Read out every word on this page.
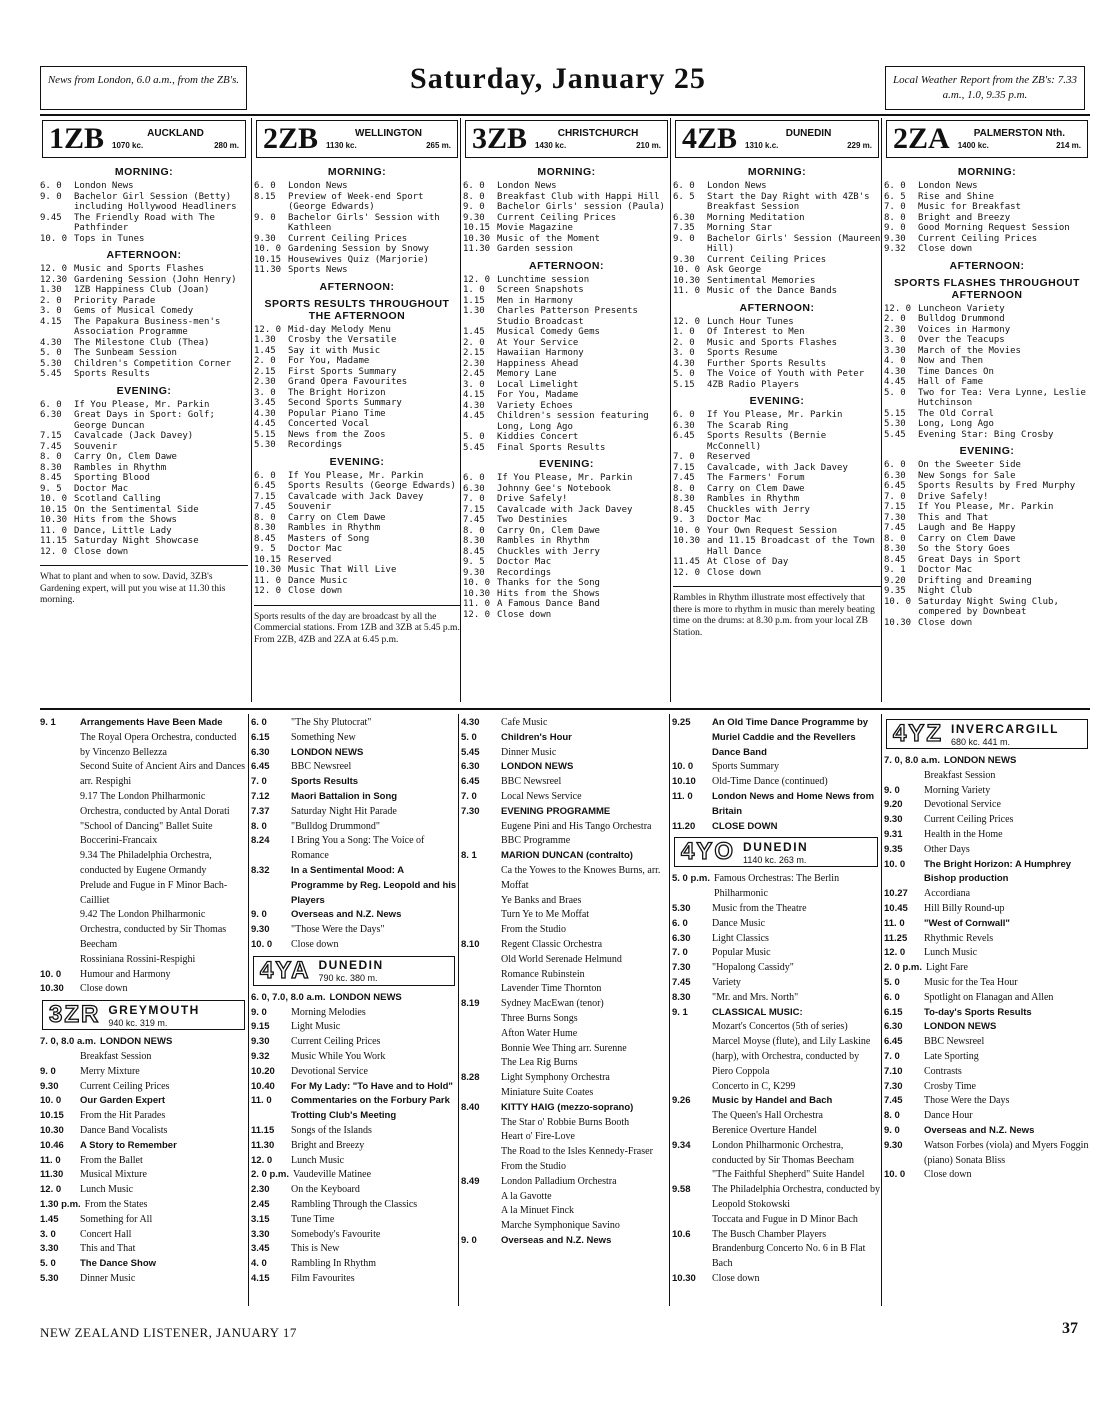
News from London, 6.0 a.m., from the ZB's.	Saturday, January 25	Local Weather Report from the ZB's: 7.33 a.m., 1.0, 9.35 p.m.
1ZB	AUCKLAND
1070 kc.	280 m.
MORNING:
6. 0	London News
9. 0	Bachelor Girl Session (Betty) including Hollywood Headliners
9.45	The Friendly Road with The Pathfinder
10. 0 Tops in Tunes
AFTERNOON:
12. 0 Music and Sports Flashes
12.30 Gardening Session (John Henry)
1.30	1ZB Happiness Club (Joan)
2. 0	Priority Parade
3. 0	Gems of Musical Comedy
4.15	The Papakura Business-men's Association Programme
4.30	The Milestone Club (Thea)
5. 0	The Sunbeam Session
5.30	Children's Competition Corner
5.45	Sports Results
EVENING:
6. 0	If You Please, Mr. Parkin
6.30	Great Days in Sport: Golf; George Duncan
7.15	Cavalcade (Jack Davey)
7.45	Souvenir
8. 0	Carry On, Clem Dawe
8.30	Rambles in Rhythm
8.45	Sporting Blood
9. 5	Doctor Mac
10. 0 Scotland Calling
10.15 On the Sentimental Side
10.30 Hits from the Shows
11. 0 Dance, Little Lady
11.15 Saturday Night Showcase
12. 0 Close down
What to plant and when to sow. David, 3ZB's Gardening expert, will put you wise at 11.30 this morning.
2ZB	WELLINGTON
1130 kc.	265 m.
MORNING:
6. 0	London News
8.15	Preview of Week-end Sport (George Edwards)
9. 0	Bachelor Girls' Session with Kathleen
9.30	Current Ceiling Prices
10. 0 Gardening Session by Snowy
10.15 Housewives Quiz (Marjorie)
11.30 Sports News
AFTERNOON:
SPORTS RESULTS THROUGHOUT THE AFTERNOON
12. 0 Mid-day Melody Menu
1.30	Crosby the Versatile
1.45	Say it with Music
2. 0	For You, Madame
2.15	First Sports Summary
2.30	Grand Opera Favourites
3. 0	The Bright Horizon
3.45	Second Sports Summary
4.30	Popular Piano Time
4.45	Concerted Vocal
5.15	News from the Zoos
5.30	Recordings
EVENING:
6. 0	If You Please, Mr. Parkin
6.45	Sports Results (George Edwards)
7.15	Cavalcade with Jack Davey
7.45	Souvenir
8. 0	Carry on Clem Dawe
8.30	Rambles in Rhythm
8.45	Masters of Song
9. 5	Doctor Mac
10.15 Reserved
10.30 Music That Will Live
11. 0 Dance Music
12. 0 Close down
Sports results of the day are broadcast by all the Commercial stations. From 1ZB and 3ZB at 5.45 p.m. From 2ZB, 4ZB and 2ZA at 6.45 p.m.
3ZB	CHRISTCHURCH
1430 kc.	210 m.
MORNING:
6. 0	London News
8. 0	Breakfast Club with Happi Hill
9. 0	Bachelor Girls' session (Paula)
9.30	Current Ceiling Prices
10.15 Movie Magazine
10.30 Music of the Moment
11.30 Garden session
AFTERNOON:
12. 0 Lunchtime session
1. 0	Screen Snapshots
1.15	Men in Harmony
1.30	Charles Patterson Presents Studio Broadcast
1.45	Musical Comedy Gems
2. 0	At Your Service
2.15	Hawaiian Harmony
2.30	Happiness Ahead
2.45	Memory Lane
3. 0	Local Limelight
4.15	For You, Madame
4.30	Variety Echoes
4.45	Children's session featuring Long, Long Ago
5. 0	Kiddies Concert
5.45	Final Sports Results
EVENING:
6. 0	If You Please, Mr. Parkin
6.30	Johnny Gee's Notebook
7. 0	Drive Safely!
7.15	Cavalcade with Jack Davey
7.45	Two Destinies
8. 0	Carry On, Clem Dawe
8.30	Rambles in Rhythm
8.45	Chuckles with Jerry
9. 5	Doctor Mac
9.30	Recordings
10. 0 Thanks for the Song
10.30 Hits from the Shows
11. 0 A Famous Dance Band
12. 0 Close down
4ZB	DUNEDIN
1310 k.c.	229 m.
MORNING:
6. 0	London News
6. 5	Start the Day Right with 4ZB's Breakfast Session
6.30	Morning Meditation
7.35	Morning Star
9. 0	Bachelor Girls' Session (Maureen Hill)
9.30	Current Ceiling Prices
10. 0 Ask George
10.30 Sentimental Memories
11. 0 Music of the Dance Bands
AFTERNOON:
12. 0 Lunch Hour Tunes
1. 0	Of Interest to Men
2. 0	Music and Sports Flashes
3. 0	Sports Resume
4.30	Further Sports Results
5. 0	The Voice of Youth with Peter
5.15	4ZB Radio Players
EVENING:
6. 0	If You Please, Mr. Parkin
6.30	The Scarab Ring
6.45	Sports Results (Bernie McConnell)
7. 0	Reserved
7.15	Cavalcade, with Jack Davey
7.45	The Farmers' Forum
8. 0	Carry on Clem Dawe
8.30	Rambles in Rhythm
8.45	Chuckles with Jerry
9. 3	Doctor Mac
10. 0 Your Own Request Session
10.30 and 11.15 Broadcast of the Town Hall Dance
11.45 At Close of Day
12. 0 Close down
Rambles in Rhythm illustrate most effectively that there is more to rhythm in music than merely beating time on the drums: at 8.30 p.m. from your local ZB Station.
2ZA	PALMERSTON Nth.
1400 kc.	214 m.
MORNING:
6. 0	London News
6. 5	Rise and Shine
7. 0	Music for Breakfast
8. 0	Bright and Breezy
9. 0	Good Morning Request Session
9.30	Current Ceiling Prices
9.32	Close down
AFTERNOON:
SPORTS FLASHES THROUGHOUT AFTERNOON
12. 0 Luncheon Variety
2. 0	Bulldog Drummond
2.30	Voices in Harmony
3. 0	Over the Teacups
3.30	March of the Movies
4. 0	Now and Then
4.30	Time Dances On
4.45	Hall of Fame
5. 0	Two for Tea: Vera Lynne, Leslie Hutchinson
5.15	The Old Corral
5.30	Long, Long Ago
5.45	Evening Star: Bing Crosby
EVENING:
6. 0	On the Sweeter Side
6.30	New Songs for Sale
6.45	Sports Results by Fred Murphy
7. 0	Drive Safely!
7.15	If You Please, Mr. Parkin
7.30	This and That
7.45	Laugh and Be Happy
8. 0	Carry on Clem Dawe
8.30	So the Story Goes
8.45	Great Days in Sport
9. 1	Doctor Mac
9.20	Drifting and Dreaming
9.35	Night Club
10. 0 Saturday Night Swing Club, compered by Downbeat
10.30 Close down
9. 1	Arrangements Have Been Made
The Royal Opera Orchestra, conducted by Vincenzo Bellezza
Second Suite of Ancient Airs and Dances arr. Respighi
9.17 The London Philharmonic Orchestra, conducted by Antal Dorati
"School of Dancing" Ballet Suite Boccerini-Francaix
9.34 The Philadelphia Orchestra, conducted by Eugene Ormandy
Prelude and Fugue in F Minor Bach-Cailliet
9.42 The London Philharmonic Orchestra, conducted by Sir Thomas Beecham
Rossiniana Rossini-Respighi
10. 0	Humour and Harmony
10.30	Close down
3ZR GREYMOUTH
940 kc. 319 m.
7. 0, 8.0 a.m. LONDON NEWS
Breakfast Session
9. 0	Merry Mixture
9.30	Current Ceiling Prices
10. 0	Our Garden Expert
10.15	From the Hit Parades
10.30	Dance Band Vocalists
10.46	A Story to Remember
11. 0	From the Ballet
11.30	Musical Mixture
12. 0	Lunch Music
1.30 p.m. From the States
1.45	Something for All
3. 0	Concert Hall
3.30	This and That
5. 0	The Dance Show
5.30	Dinner Music
6. 0	"The Shy Plutocrat"
6.15	Something New
6.30	LONDON NEWS
6.45	BBC Newsreel
7. 0	Sports Results
7.12	Maori Battalion in Song
7.37	Saturday Night Hit Parade
8. 0	"Bulldog Drummond"
8.24	I Bring You a Song: The Voice of Romance
8.32	In a Sentimental Mood: A Programme by Reg. Leopold and his Players
9. 0	Overseas and N.Z. News
9.30	"Those Were the Days"
10. 0	Close down
4YA DUNEDIN
790 kc. 380 m.
6. 0, 7.0, 8.0 a.m. LONDON NEWS
9. 0	Morning Melodies
9.15	Light Music
9.30	Current Ceiling Prices
9.32	Music While You Work
10.20	Devotional Service
10.40	For My Lady: "To Have and to Hold"
11. 0	Commentaries on the Forbury Park Trotting Club's Meeting
11.15	Songs of the Islands
11.30	Bright and Breezy
12. 0	Lunch Music
2. 0 p.m. Vaudeville Matinee
2.30	On the Keyboard
2.45	Rambling Through the Classics
3.15	Tune Time
3.30	Somebody's Favourite
3.45	This is New
4. 0	Rambling In Rhythm
4.15	Film Favourites
4.30	Cafe Music
5. 0	Children's Hour
5.45	Dinner Music
6.30	LONDON NEWS
6.45	BBC Newsreel
7. 0	Local News Service
7.30	EVENING PROGRAMME
Eugene Pini and His Tango Orchestra
BBC Programme
8. 1	MARION DUNCAN (contralto)
Ca the Yowes to the Knowes Burns, arr. Moffat
Ye Banks and Braes
Turn Ye to Me Moffat
From the Studio
8.10	Regent Classic Orchestra
Old World Serenade Helmund
Romance Rubinstein
Lavender Time Thornton
8.19	Sydney MacEwan (tenor)
Three Burns Songs
Afton Water Hume
Bonnie Wee Thing arr. Surenne
The Lea Rig Burns
8.28	Light Symphony Orchestra
Miniature Suite Coates
8.40	KITTY HAIG (mezzo-soprano)
The Star o' Robbie Burns Booth
Heart o' Fire-Love
The Road to the Isles Kennedy-Fraser
From the Studio
8.49	London Palladium Orchestra
A la Gavotte
A la Minuet Finck
Marche Symphonique Savino
9. 0	Overseas and N.Z. News
9.25	An Old Time Dance Programme by Muriel Caddie and the Revellers Dance Band
10. 0	Sports Summary
10.10	Old-Time Dance (continued)
11. 0	London News and Home News from Britain
11.20	CLOSE DOWN
4YO DUNEDIN
1140 kc. 263 m.
5. 0 p.m. Famous Orchestras: The Berlin Philharmonic
5.30	Music from the Theatre
6. 0	Dance Music
6.30	Light Classics
7. 0	Popular Music
7.30	"Hopalong Cassidy"
7.45	Variety
8.30	"Mr. and Mrs. North"
9. 1	CLASSICAL MUSIC:
Mozart's Concertos (5th of series)
Marcel Moyse (flute), and Lily Laskine (harp), with Orchestra, conducted by Piero Coppola
Concerto in C, K299
9.26	Music by Handel and Bach
The Queen's Hall Orchestra
Berenice Overture Handel
9.34	London Philharmonic Orchestra, conducted by Sir Thomas Beecham
"The Faithful Shepherd" Suite Handel
9.58	The Philadelphia Orchestra, conducted by Leopold Stokowski
Toccata and Fugue in D Minor Bach
10.6	The Busch Chamber Players
Brandenburg Concerto No. 6 in B Flat Bach
10.30	Close down
4YZ INVERCARGILL
680 kc. 441 m.
7. 0, 8.0 a.m. LONDON NEWS
Breakfast Session
9. 0	Morning Variety
9.20	Devotional Service
9.30	Current Ceiling Prices
9.31	Health in the Home
9.35	Other Days
10. 0	The Bright Horizon: A Humphrey Bishop production
10.27	Accordiana
10.45	Hill Billy Round-up
11. 0	"West of Cornwall"
11.25	Rhythmic Revels
12. 0	Lunch Music
2. 0 p.m. Light Fare
5. 0	Music for the Tea Hour
6. 0	Spotlight on Flanagan and Allen
6.15	To-day's Sports Results
6.30	LONDON NEWS
6.45	BBC Newsreel
7. 0	Late Sporting
7.10	Contrasts
7.30	Crosby Time
7.45	Those Were the Days
8. 0	Dance Hour
9. 0	Overseas and N.Z. News
9.30	Watson Forbes (viola) and Myers Foggin (piano) Sonata Bliss
10. 0	Close down
NEW ZEALAND LISTENER, JANUARY 17	37
